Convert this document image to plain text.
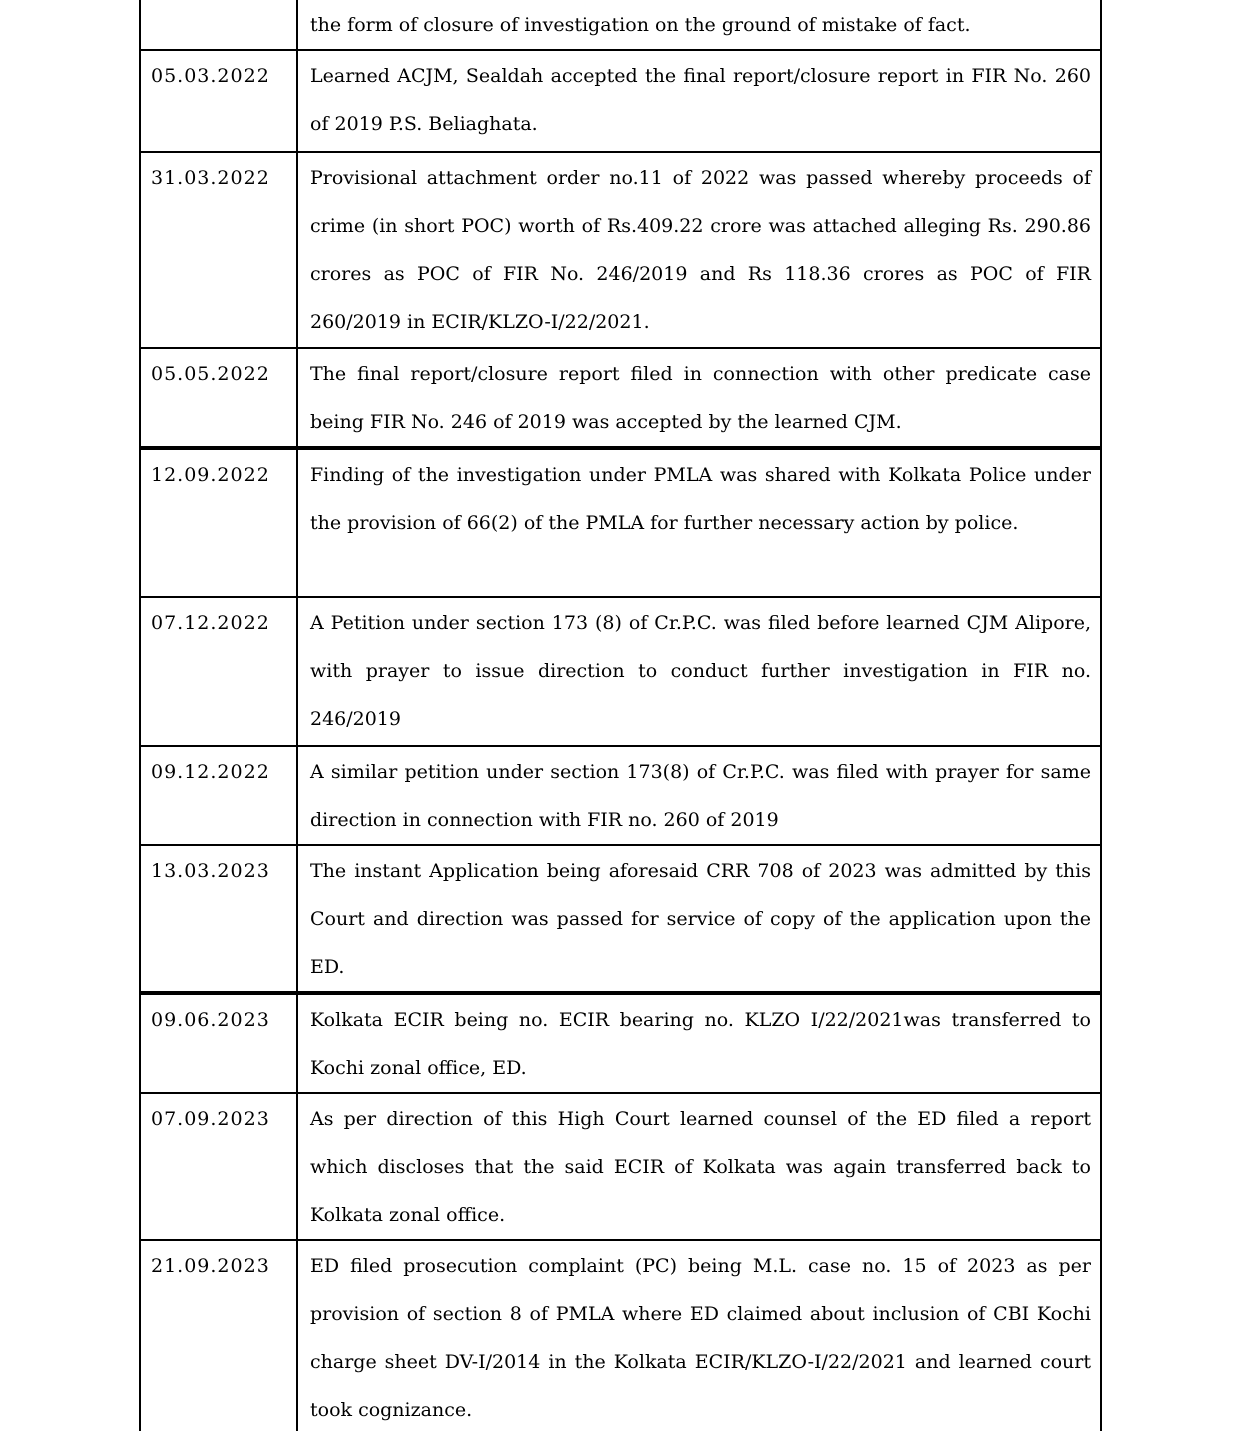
the form of closure of investigation on the ground of mistake of fact.
05.03.2022	Learned ACJM, Sealdah accepted the final report/closure report in FIR No. 260 of 2019 P.S. Beliaghata.
31.03.2022	Provisional attachment order no.11 of 2022 was passed whereby proceeds of crime (in short POC) worth of Rs.409.22 crore was attached alleging Rs. 290.86 crores as POC of FIR No. 246/2019 and Rs 118.36 crores as POC of FIR 260/2019 in ECIR/KLZO-I/22/2021.
05.05.2022	The final report/closure report filed in connection with other predicate case being FIR No. 246 of 2019 was accepted by the learned CJM.
12.09.2022	Finding of the investigation under PMLA was shared with Kolkata Police under the provision of 66(2) of the PMLA for further necessary action by police.
07.12.2022	A Petition under section 173 (8) of Cr.P.C. was filed before learned CJM Alipore, with prayer to issue direction to conduct further investigation in FIR no. 246/2019
09.12.2022	A similar petition under section 173(8) of Cr.P.C. was filed with prayer for same direction in connection with FIR no. 260 of 2019
13.03.2023	The instant Application being aforesaid CRR 708 of 2023 was admitted by this Court and direction was passed for service of copy of the application upon the ED.
09.06.2023	Kolkata ECIR being no. ECIR bearing no. KLZO I/22/2021was transferred to Kochi zonal office, ED.
07.09.2023	As per direction of this High Court learned counsel of the ED filed a report which discloses that the said ECIR of Kolkata was again transferred back to Kolkata zonal office.
21.09.2023	ED filed prosecution complaint (PC) being M.L. case no. 15 of 2023 as per provision of section 8 of PMLA where ED claimed about inclusion of CBI Kochi charge sheet DV-I/2014 in the Kolkata ECIR/KLZO-I/22/2021 and learned court took cognizance.
